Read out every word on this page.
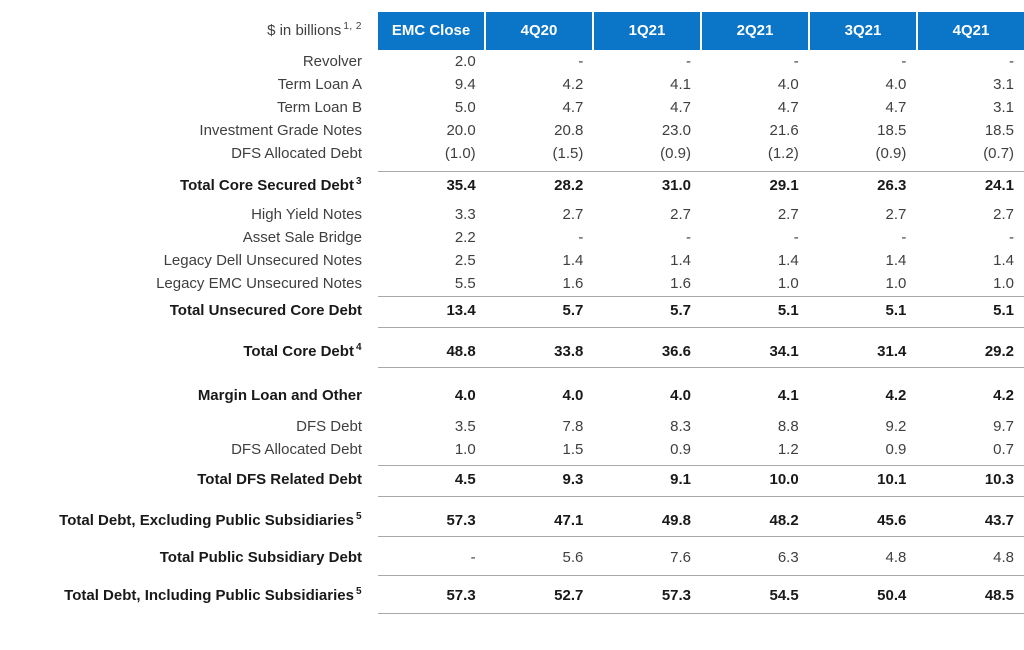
$ in billions $^{1, 2}$	EMC Close	4Q20	1Q21	2Q21	3Q21	4Q21
Revolver	2.0	-	-	-	-	-
Term Loan A	9.4	4.2	4.1	4.0	4.0	3.1
Term Loan B	5.0	4.7	4.7	4.7	4.7	3.1
Investment Grade Notes	20.0	20.8	23.0	21.6	18.5	18.5
DFS Allocated Debt	(1.0)	(1.5)	(0.9)	(1.2)	(0.9)	(0.7)
Total Core Secured Debt $^3$	35.4	28.2	31.0	29.1	26.3	24.1
High Yield Notes	3.3	2.7	2.7	2.7	2.7	2.7
Asset Sale Bridge	2.2	-	-	-	-	-
Legacy Dell Unsecured Notes	2.5	1.4	1.4	1.4	1.4	1.4
Legacy EMC Unsecured Notes	5.5	1.6	1.6	1.0	1.0	1.0
Total Unsecured Core Debt	13.4	5.7	5.7	5.1	5.1	5.1
Total Core Debt $^4$	48.8	33.8	36.6	34.1	31.4	29.2
Margin Loan and Other	4.0	4.0	4.0	4.1	4.2	4.2
DFS Debt	3.5	7.8	8.3	8.8	9.2	9.7
DFS Allocated Debt	1.0	1.5	0.9	1.2	0.9	0.7
Total DFS Related Debt	4.5	9.3	9.1	10.0	10.1	10.3
Total Debt, Excluding Public Subsidiaries $^5$	57.3	47.1	49.8	48.2	45.6	43.7
Total Public Subsidiary Debt	-	5.6	7.6	6.3	4.8	4.8
Total Debt, Including Public Subsidiaries $^5$	57.3	52.7	57.3	54.5	50.4	48.5
